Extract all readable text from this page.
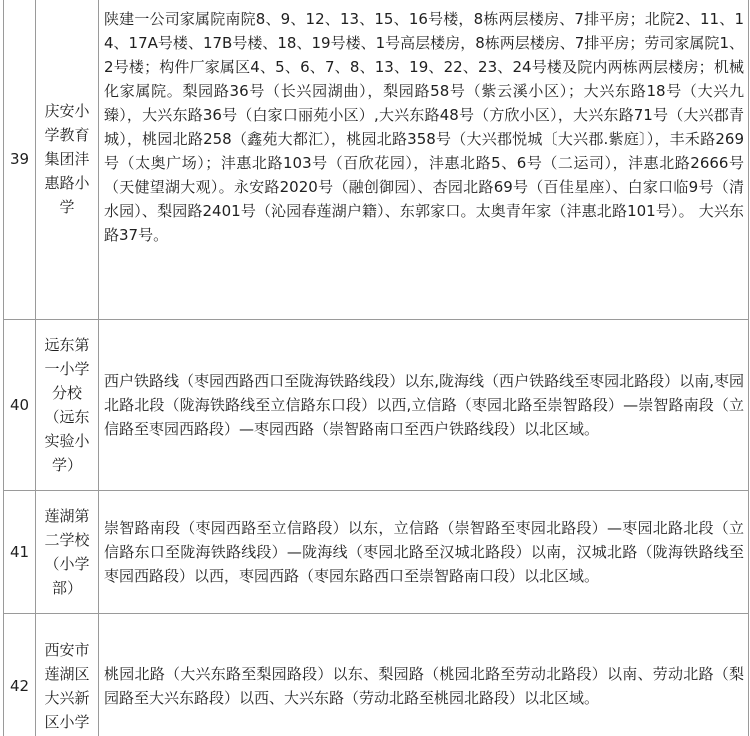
39	庆安小学教育集团沣惠路小学	陕建一公司家属院南院8、9、12、13、15、16号楼，8栋两层楼房、7排平房；北院2、11、14、17A号楼、17B号楼、18、19号楼、1号高层楼房，8栋两层楼房、7排平房；劳司家属院1、2号楼；构件厂家属区4、5、6、7、8、13、19、22、23、24号楼及院内两栋两层楼房；机械化家属院。梨园路36号（长兴园湖曲），梨园路58号（紫云溪小区）；大兴东路18号（大兴九臻），大兴东路36号（白家口丽苑小区）,大兴东路48号（方欣小区），大兴东路71号（大兴郡青城），桃园北路258（鑫苑大都汇），桃园北路358号（大兴郡悦城〔大兴郡.紫庭〕），丰禾路269号（太奥广场）；沣惠北路103号（百欣花园），沣惠北路5、6号（二运司），沣惠北路2666号（天健望湖大观）。永安路2020号（融创御园）、杏园北路69号（百佳星座）、白家口临9号（清水园）、梨园路2401号（沁园春莲湖户籍）、东郭家口。太奥青年家（沣惠北路101号）。 大兴东路37号。
40	远东第一小学分校（远东实验小学）	西户铁路线（枣园西路西口至陇海铁路线段）以东,陇海线（西户铁路线至枣园北路段）以南,枣园北路北段（陇海铁路线至立信路东口段）以西,立信路（枣园北路至崇智路段）—崇智路南段（立信路至枣园西路段）—枣园西路（崇智路南口至西户铁路线段）以北区域。
41	莲湖第二学校（小学部）	崇智路南段（枣园西路至立信路段）以东，立信路（崇智路至枣园北路段）—枣园北路北段（立信路东口至陇海铁路线段）—陇海线（枣园北路至汉城北路段）以南，汉城北路（陇海铁路线至枣园西路段）以西，枣园西路（枣园东路西口至崇智路南口段）以北区域。
42	西安市莲湖区大兴新区小学	桃园北路（大兴东路至梨园路段）以东、梨园路（桃园北路至劳动北路段）以南、劳动北路（梨园路至大兴东路段）以西、大兴东路（劳动北路至桃园北路段）以北区域。
